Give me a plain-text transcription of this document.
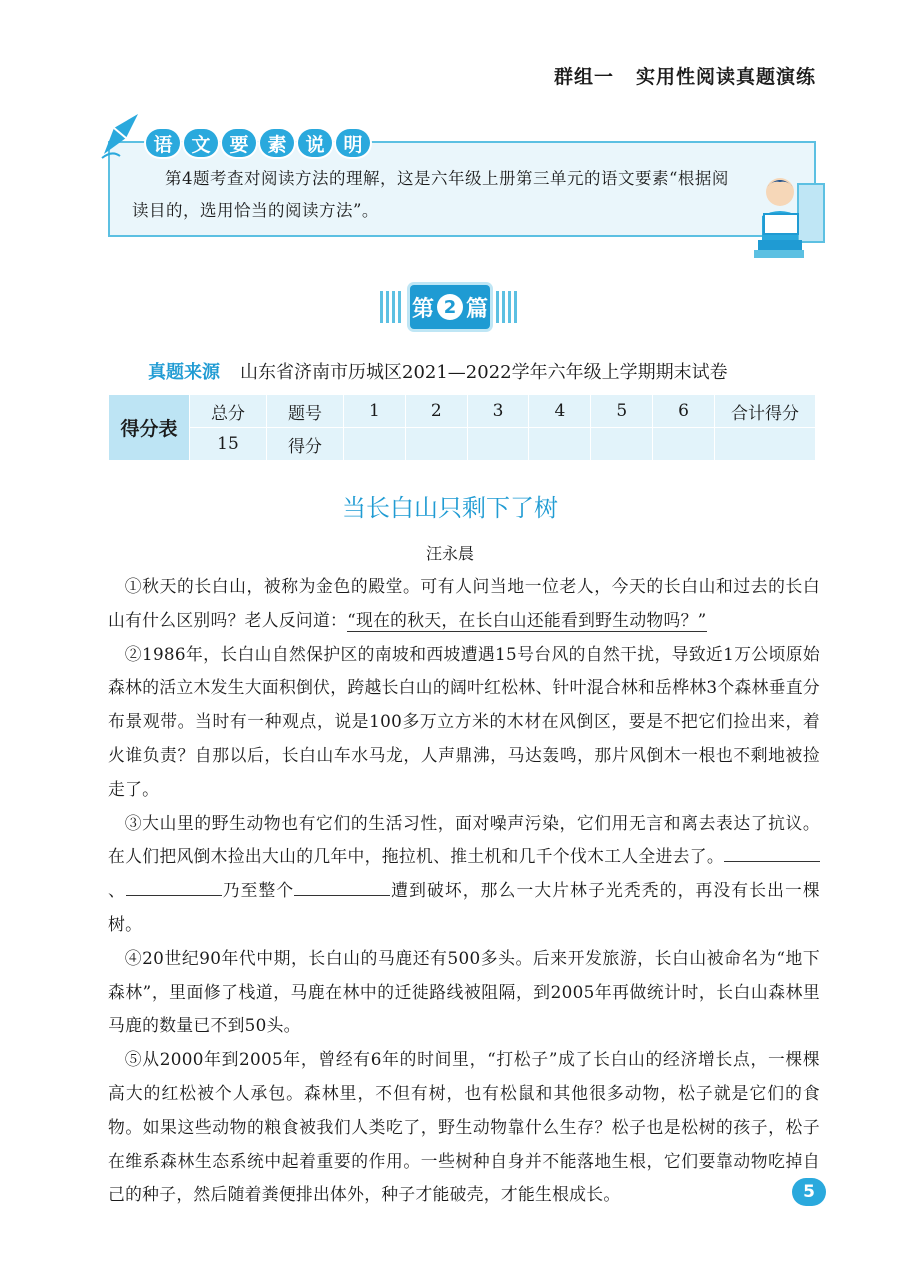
群组一 实用性阅读真题演练
第4题考查对阅读方法的理解，这是六年级上册第三单元的语文要素“根据阅读目的，选用恰当的阅读方法”。
语 文 要 素 说 明
第 2 篇
真题来源 山东省济南市历城区2021—2022学年六年级上学期期末试卷
得分表	总分	题号	1	2	3	4	5	6	合计得分
	15	得分							
当长白山只剩下了树
汪永晨

①秋天的长白山，被称为金色的殿堂。可有人问当地一位老人，今天的长白山和过去的长白山有什么区别吗？老人反问道：“现在的秋天，在长白山还能看到野生动物吗？”

②1986年，长白山自然保护区的南坡和西坡遭遇15号台风的自然干扰，导致近1万公顷原始森林的活立木发生大面积倒伏，跨越长白山的阔叶红松林、针叶混合林和岳桦林3个森林垂直分布景观带。当时有一种观点，说是100多万立方米的木材在风倒区，要是不把它们捡出来，着火谁负责？自那以后，长白山车水马龙，人声鼎沸，马达轰鸣，那片风倒木一根也不剩地被捡走了。

③大山里的野生动物也有它们的生活习性，面对噪声污染，它们用无言和离去表达了抗议。在人们把风倒木捡出大山的几年中，拖拉机、推土机和几千个伐木工人全进去了。、	乃至整个	遭到破坏，那么一大片林子光秃秃的，再没有长出一棵树。

④20世纪90年代中期，长白山的马鹿还有500多头。后来开发旅游，长白山被命名为“地下森林”，里面修了栈道，马鹿在林中的迁徙路线被阻隔，到2005年再做统计时，长白山森林里马鹿的数量已不到50头。

⑤从2000年到2005年，曾经有6年的时间里，“打松子”成了长白山的经济增长点，一棵棵高大的红松被个人承包。森林里，不但有树，也有松鼠和其他很多动物，松子就是它们的食物。如果这些动物的粮食被我们人类吃了，野生动物靠什么生存？松子也是松树的孩子，松子在维系森林生态系统中起着重要的作用。一些树种自身并不能落地生根，它们要靠动物吃掉自己的种子，然后随着粪便排出体外，种子才能破壳，才能生根成长。	5
